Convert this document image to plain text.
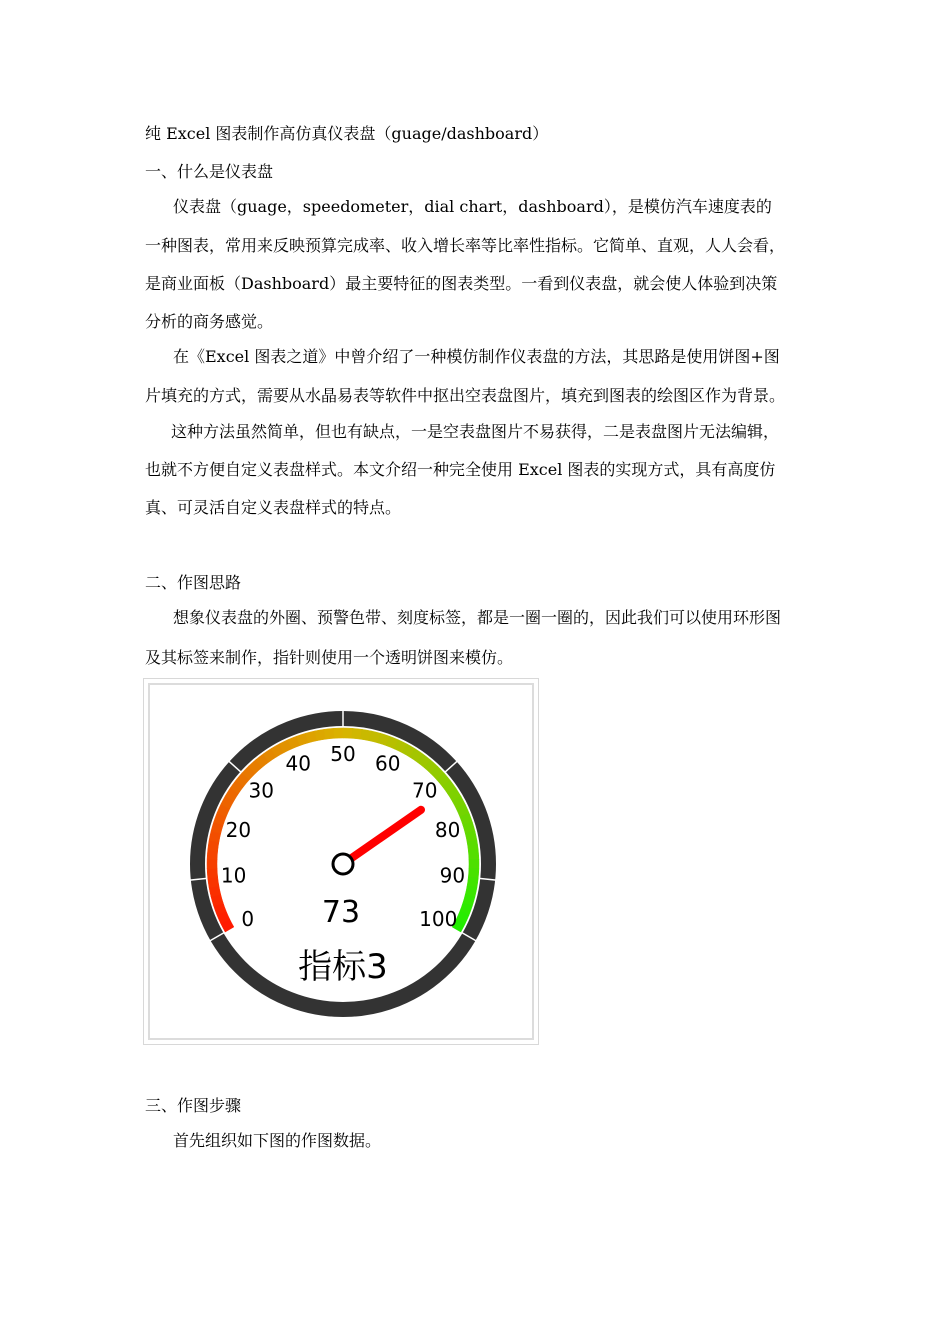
纯 Excel 图表制作高仿真仪表盘（guage/dashboard）
一、什么是仪表盘
仪表盘（guage，speedometer，dial chart，dashboard），是模仿汽车速度表的
一种图表，常用来反映预算完成率、收入增长率等比率性指标。它简单、直观，人人会看，
是商业面板（Dashboard）最主要特征的图表类型。一看到仪表盘，就会使人体验到决策
分析的商务感觉。
在《Excel 图表之道》中曾介绍了一种模仿制作仪表盘的方法，其思路是使用饼图+图
片填充的方式，需要从水晶易表等软件中抠出空表盘图片，填充到图表的绘图区作为背景。
这种方法虽然简单，但也有缺点，一是空表盘图片不易获得，二是表盘图片无法编辑，
也就不方便自定义表盘样式。本文介绍一种完全使用 Excel 图表的实现方式，具有高度仿
真、可灵活自定义表盘样式的特点。
二、作图思路
想象仪表盘的外圈、预警色带、刻度标签，都是一圈一圈的，因此我们可以使用环形图
及其标签来制作，指针则使用一个透明饼图来模仿。
0
10
20
30
40 50 60
70
80
90
100
73
指标3
三、作图步骤
首先组织如下图的作图数据。
